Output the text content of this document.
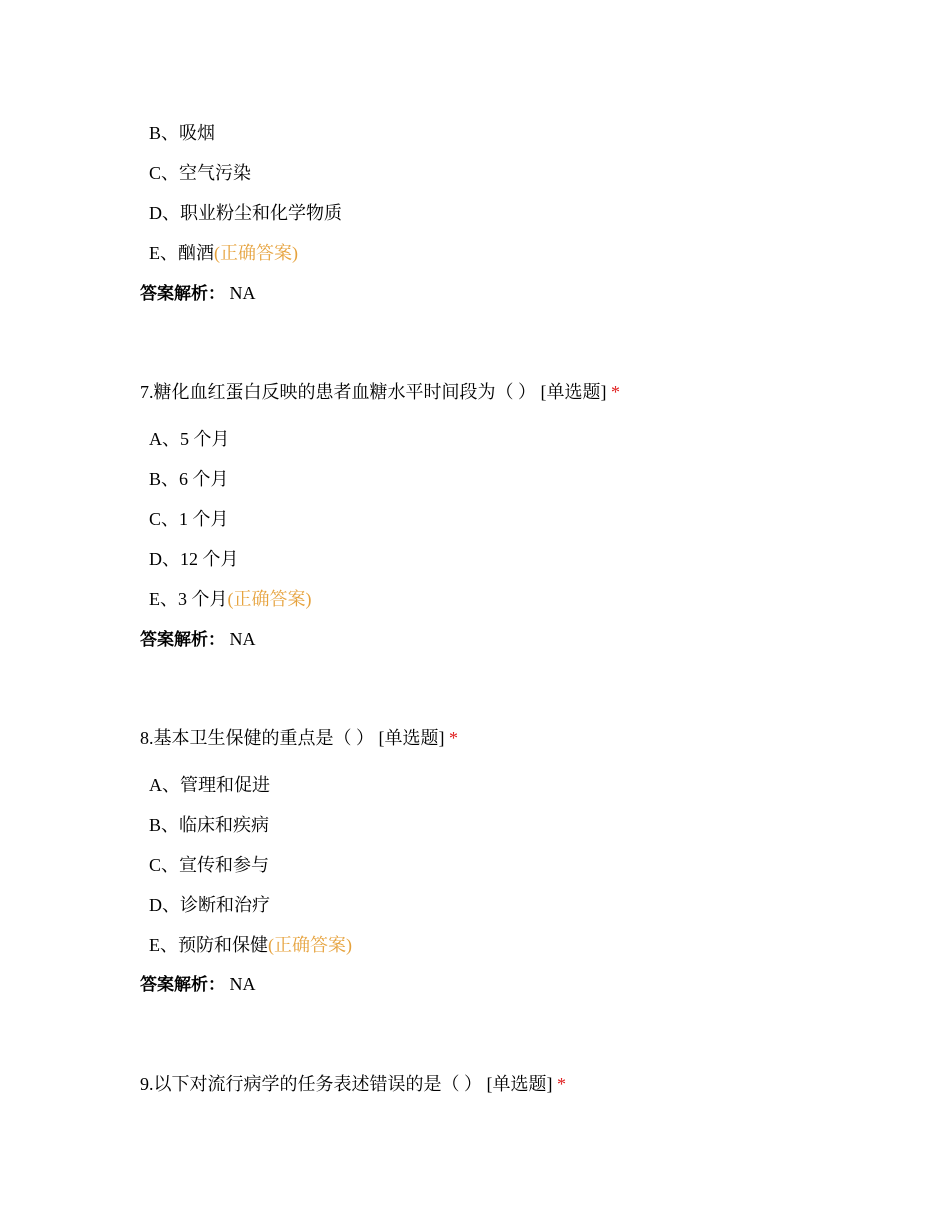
B、吸烟
C、空气污染
D、职业粉尘和化学物质
E、酗酒(正确答案)
答案解析： NA
7.糖化血红蛋白反映的患者血糖水平时间段为（ ） [单选题] *
A、5 个月
B、6 个月
C、1 个月
D、12 个月
E、3 个月(正确答案)
答案解析： NA
8.基本卫生保健的重点是（ ） [单选题] *
A、管理和促进
B、临床和疾病
C、宣传和参与
D、诊断和治疗
E、预防和保健(正确答案)
答案解析： NA
9.以下对流行病学的任务表述错误的是（ ） [单选题] *
